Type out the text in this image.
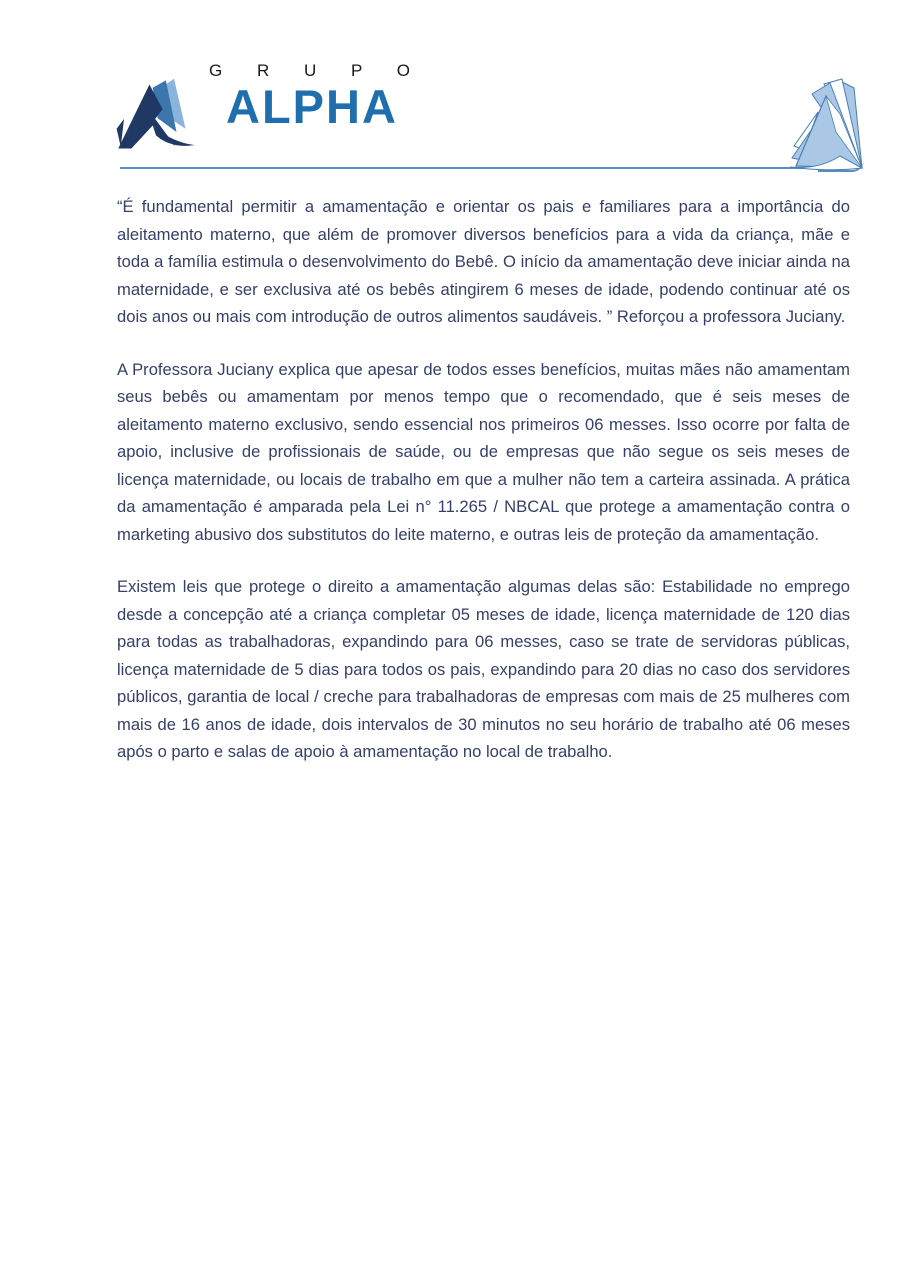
G R U P O
ALPHA

“É fundamental permitir a amamentação e orientar os pais e familiares para a importância do aleitamento materno, que além de promover diversos benefícios para a vida da criança, mãe e toda a família estimula o desenvolvimento do Bebê. O início da amamentação deve iniciar ainda na maternidade, e ser exclusiva até os bebês atingirem 6 meses de idade, podendo continuar até os dois anos ou mais com introdução de outros alimentos saudáveis. ” Reforçou a professora Juciany.

A Professora Juciany explica que apesar de todos esses benefícios, muitas mães não amamentam seus bebês ou amamentam por menos tempo que o recomendado, que é seis meses de aleitamento materno exclusivo, sendo essencial nos primeiros 06 messes. Isso ocorre por falta de apoio, inclusive de profissionais de saúde, ou de empresas que não segue os seis meses de licença maternidade, ou locais de trabalho em que a mulher não tem a carteira assinada. A prática da amamentação é amparada pela Lei n° 11.265 / NBCAL que protege a amamentação contra o marketing abusivo dos substitutos do leite materno, e outras leis de proteção da amamentação.

Existem leis que protege o direito a amamentação algumas delas são: Estabilidade no emprego desde a concepção até a criança completar 05 meses de idade, licença maternidade de 120 dias para todas as trabalhadoras, expandindo para 06 messes, caso se trate de servidoras públicas, licença maternidade de 5 dias para todos os pais, expandindo para 20 dias no caso dos servidores públicos, garantia de local / creche para trabalhadoras de empresas com mais de 25 mulheres com mais de 16 anos de idade, dois intervalos de 30 minutos no seu horário de trabalho até 06 meses após o parto e salas de apoio à amamentação no local de trabalho.
